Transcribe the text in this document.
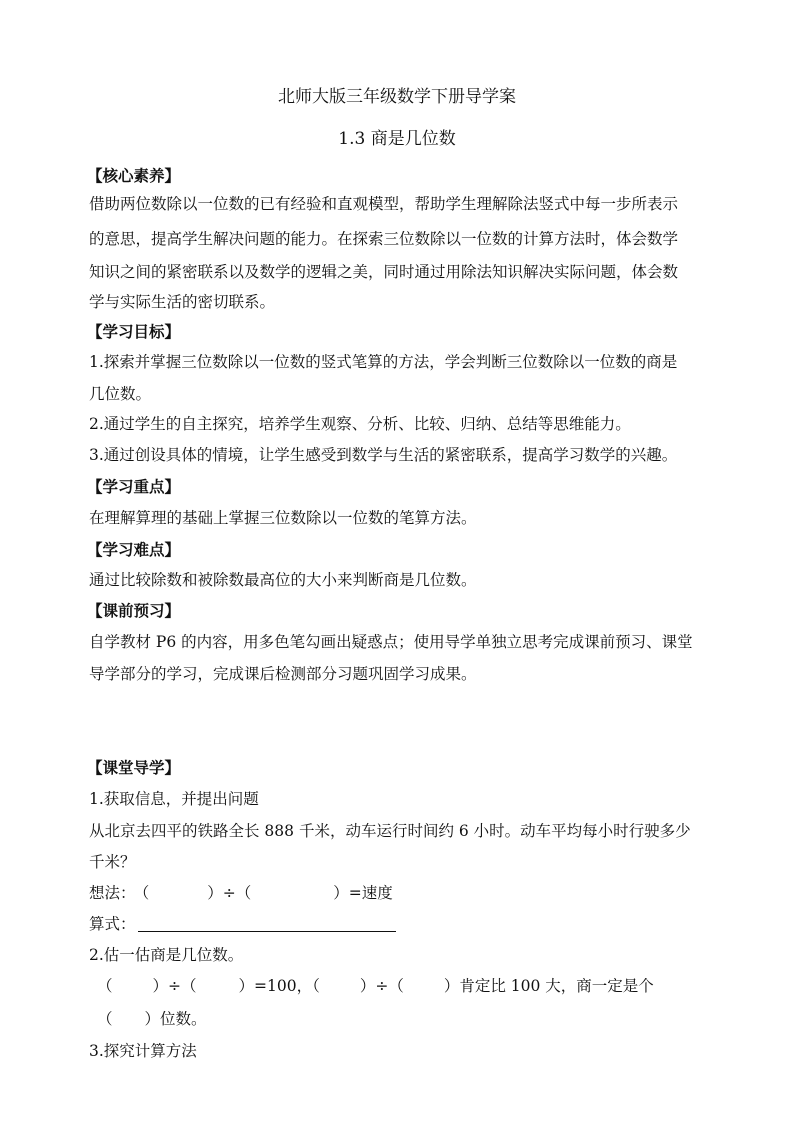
北师大版三年级数学下册导学案
1.3 商是几位数
【核心素养】
借助两位数除以一位数的已有经验和直观模型，帮助学生理解除法竖式中每一步所表示
的意思，提高学生解决问题的能力。在探索三位数除以一位数的计算方法时，体会数学
知识之间的紧密联系以及数学的逻辑之美，同时通过用除法知识解决实际问题，体会数
学与实际生活的密切联系。
【学习目标】
1.探索并掌握三位数除以一位数的竖式笔算的方法，学会判断三位数除以一位数的商是
几位数。
2.通过学生的自主探究，培养学生观察、分析、比较、归纳、总结等思维能力。
3.通过创设具体的情境，让学生感受到数学与生活的紧密联系，提高学习数学的兴趣。
【学习重点】
在理解算理的基础上掌握三位数除以一位数的笔算方法。
【学习难点】
通过比较除数和被除数最高位的大小来判断商是几位数。
【课前预习】
自学教材 P6 的内容，用多色笔勾画出疑惑点；使用导学单独立思考完成课前预习、课堂
导学部分的学习，完成课后检测部分习题巩固学习成果。
【课堂导学】
1.获取信息，并提出问题
从北京去四平的铁路全长 888 千米，动车运行时间约 6 小时。动车平均每小时行驶多少
千米？
想法： （	）÷（	）=速度
算式：
2.估一估商是几位数。
（	）÷（	）=100，（	）÷（	）肯定比 100 大，商一定是个
（ ）位数。
3.探究计算方法
